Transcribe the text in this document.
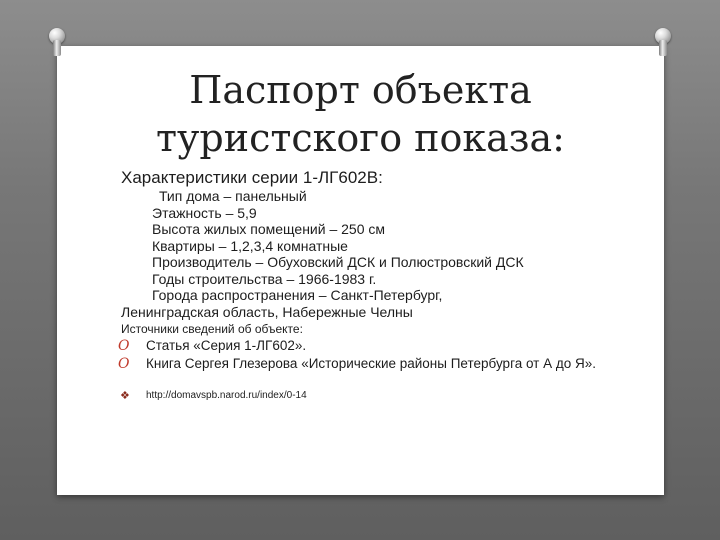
Паспорт объекта
туристского показа:
Характеристики серии 1-ЛГ602В:
Тип дома – панельный
Этажность – 5,9
Высота жилых помещений – 250 см
Квартиры – 1,2,3,4 комнатные
Производитель – Обуховский ДСК и Полюстровский ДСК
Годы строительства – 1966-1983 г.
Города распространения – Санкт-Петербург,
Ленинградская область, Набережные Челны
Источники сведений об объекте:
O Статья «Серия 1-ЛГ602».
O Книга Сергея Глезерова «Исторические районы Петербурга от А до Я».
❖ http://domavspb.narod.ru/index/0-14
